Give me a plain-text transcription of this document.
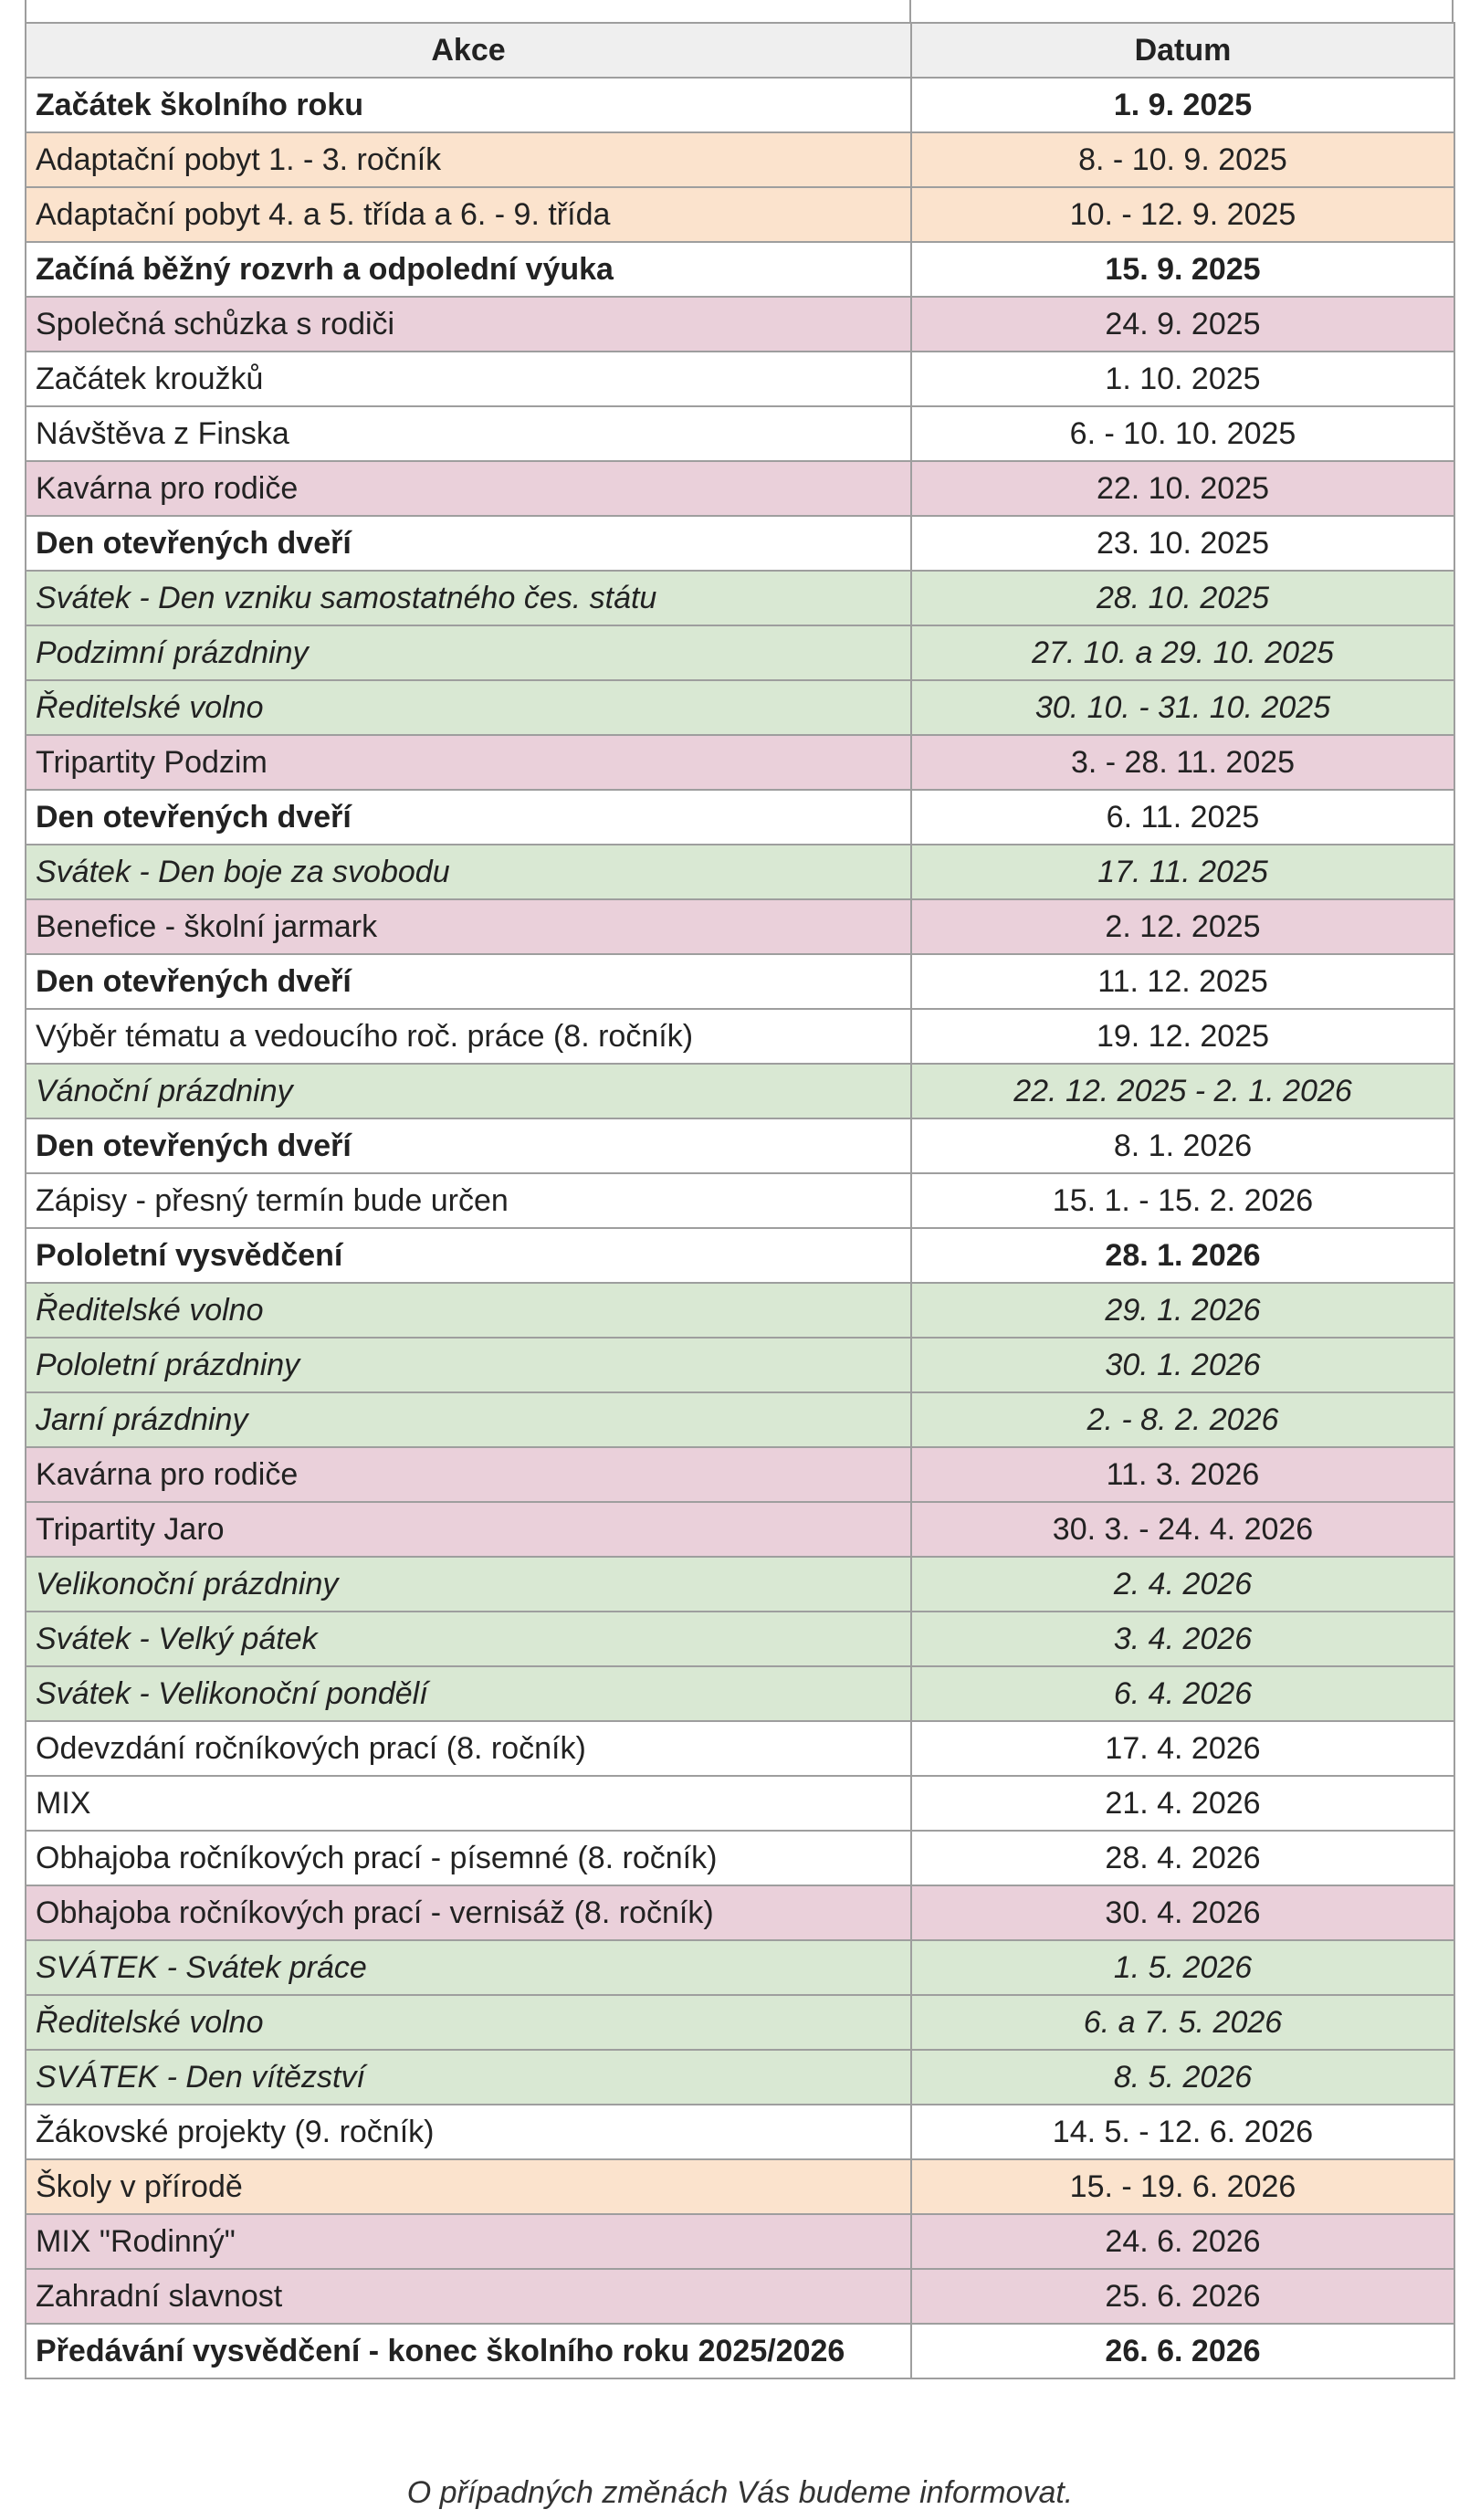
Akce	Datum
Začátek školního roku	1. 9. 2025
Adaptační pobyt 1. - 3. ročník	8. - 10. 9. 2025
Adaptační pobyt 4. a 5. třída a 6. - 9. třída	10. - 12. 9. 2025
Začíná běžný rozvrh a odpolední výuka	15. 9. 2025
Společná schůzka s rodiči	24. 9. 2025
Začátek kroužků	1. 10. 2025
Návštěva z Finska	6. - 10. 10. 2025
Kavárna pro rodiče	22. 10. 2025
Den otevřených dveří	23. 10. 2025
Svátek - Den vzniku samostatného čes. státu	28. 10. 2025
Podzimní prázdniny	27. 10. a 29. 10. 2025
Ředitelské volno	30. 10. - 31. 10. 2025
Tripartity Podzim	3. - 28. 11. 2025
Den otevřených dveří	6. 11. 2025
Svátek - Den boje za svobodu	17. 11. 2025
Benefice - školní jarmark	2. 12. 2025
Den otevřených dveří	11. 12. 2025
Výběr tématu a vedoucího roč. práce (8. ročník)	19. 12. 2025
Vánoční prázdniny	22. 12. 2025 - 2. 1. 2026
Den otevřených dveří	8. 1. 2026
Zápisy - přesný termín bude určen	15. 1. - 15. 2. 2026
Pololetní vysvědčení	28. 1. 2026
Ředitelské volno	29. 1. 2026
Pololetní prázdniny	30. 1. 2026
Jarní prázdniny	2. - 8. 2. 2026
Kavárna pro rodiče	11. 3. 2026
Tripartity Jaro	30. 3. - 24. 4. 2026
Velikonoční prázdniny	2. 4. 2026
Svátek - Velký pátek	3. 4. 2026
Svátek - Velikonoční pondělí	6. 4. 2026
Odevzdání ročníkových prací (8. ročník)	17. 4. 2026
MIX	21. 4. 2026
Obhajoba ročníkových prací - písemné (8. ročník)	28. 4. 2026
Obhajoba ročníkových prací - vernisáž (8. ročník)	30. 4. 2026
SVÁTEK - Svátek práce	1. 5. 2026
Ředitelské volno	6. a 7. 5. 2026
SVÁTEK - Den vítězství	8. 5. 2026
Žákovské projekty (9. ročník)	14. 5. - 12. 6. 2026
Školy v přírodě	15. - 19. 6. 2026
MIX "Rodinný"	24. 6. 2026
Zahradní slavnost	25. 6. 2026
Předávání vysvědčení - konec školního roku 2025/2026	26. 6. 2026
O případných změnách Vás budeme informovat.
